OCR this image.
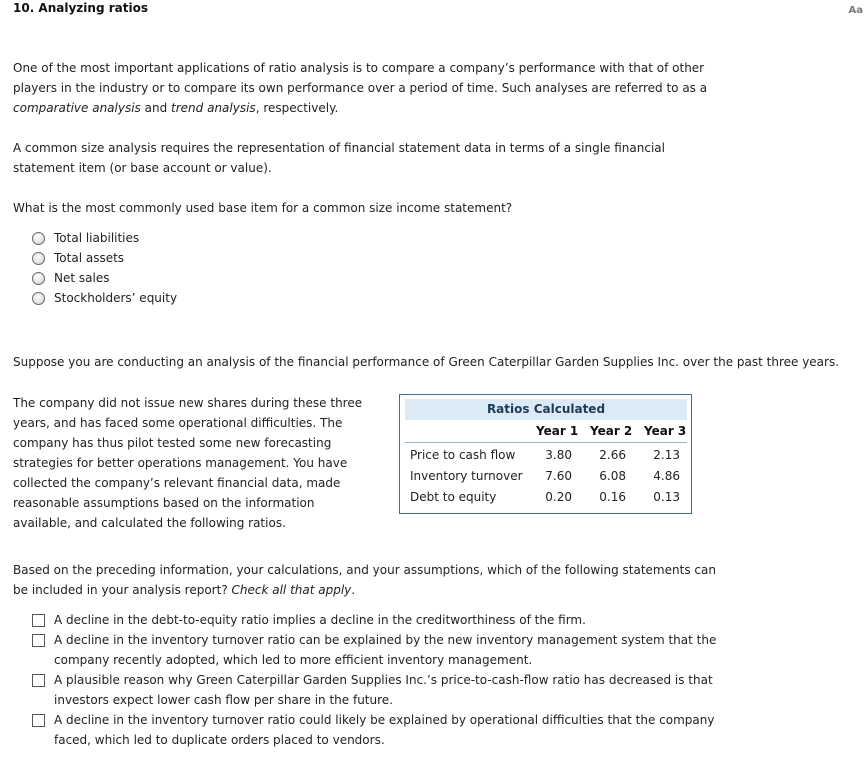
10. Analyzing ratios	Aa

One of the most important applications of ratio analysis is to compare a company’s performance with that of other players in the industry or to compare its own performance over a period of time. Such analyses are referred to as a comparative analysis and trend analysis, respectively.

A common size analysis requires the representation of financial statement data in terms of a single financial statement item (or base account or value).

What is the most commonly used base item for a common size income statement?

Total liabilities
Total assets
Net sales
Stockholders’ equity

Suppose you are conducting an analysis of the financial performance of Green Caterpillar Garden Supplies Inc. over the past three years.

The company did not issue new shares during these three years, and has faced some operational difficulties. The company has thus pilot tested some new forecasting strategies for better operations management. You have collected the company’s relevant financial data, made reasonable assumptions based on the information available, and calculated the following ratios.

Ratios Calculated
Year 1 Year 2 Year 3
Price to cash flow	3.80	2.66	2.13
Inventory turnover	7.60	6.08	4.86
Debt to equity	0.20	0.16	0.13

Based on the preceding information, your calculations, and your assumptions, which of the following statements can be included in your analysis report? Check all that apply.

A decline in the debt-to-equity ratio implies a decline in the creditworthiness of the firm.
A decline in the inventory turnover ratio can be explained by the new inventory management system that the company recently adopted, which led to more efficient inventory management.
A plausible reason why Green Caterpillar Garden Supplies Inc.’s price-to-cash-flow ratio has decreased is that investors expect lower cash flow per share in the future.
A decline in the inventory turnover ratio could likely be explained by operational difficulties that the company faced, which led to duplicate orders placed to vendors.
